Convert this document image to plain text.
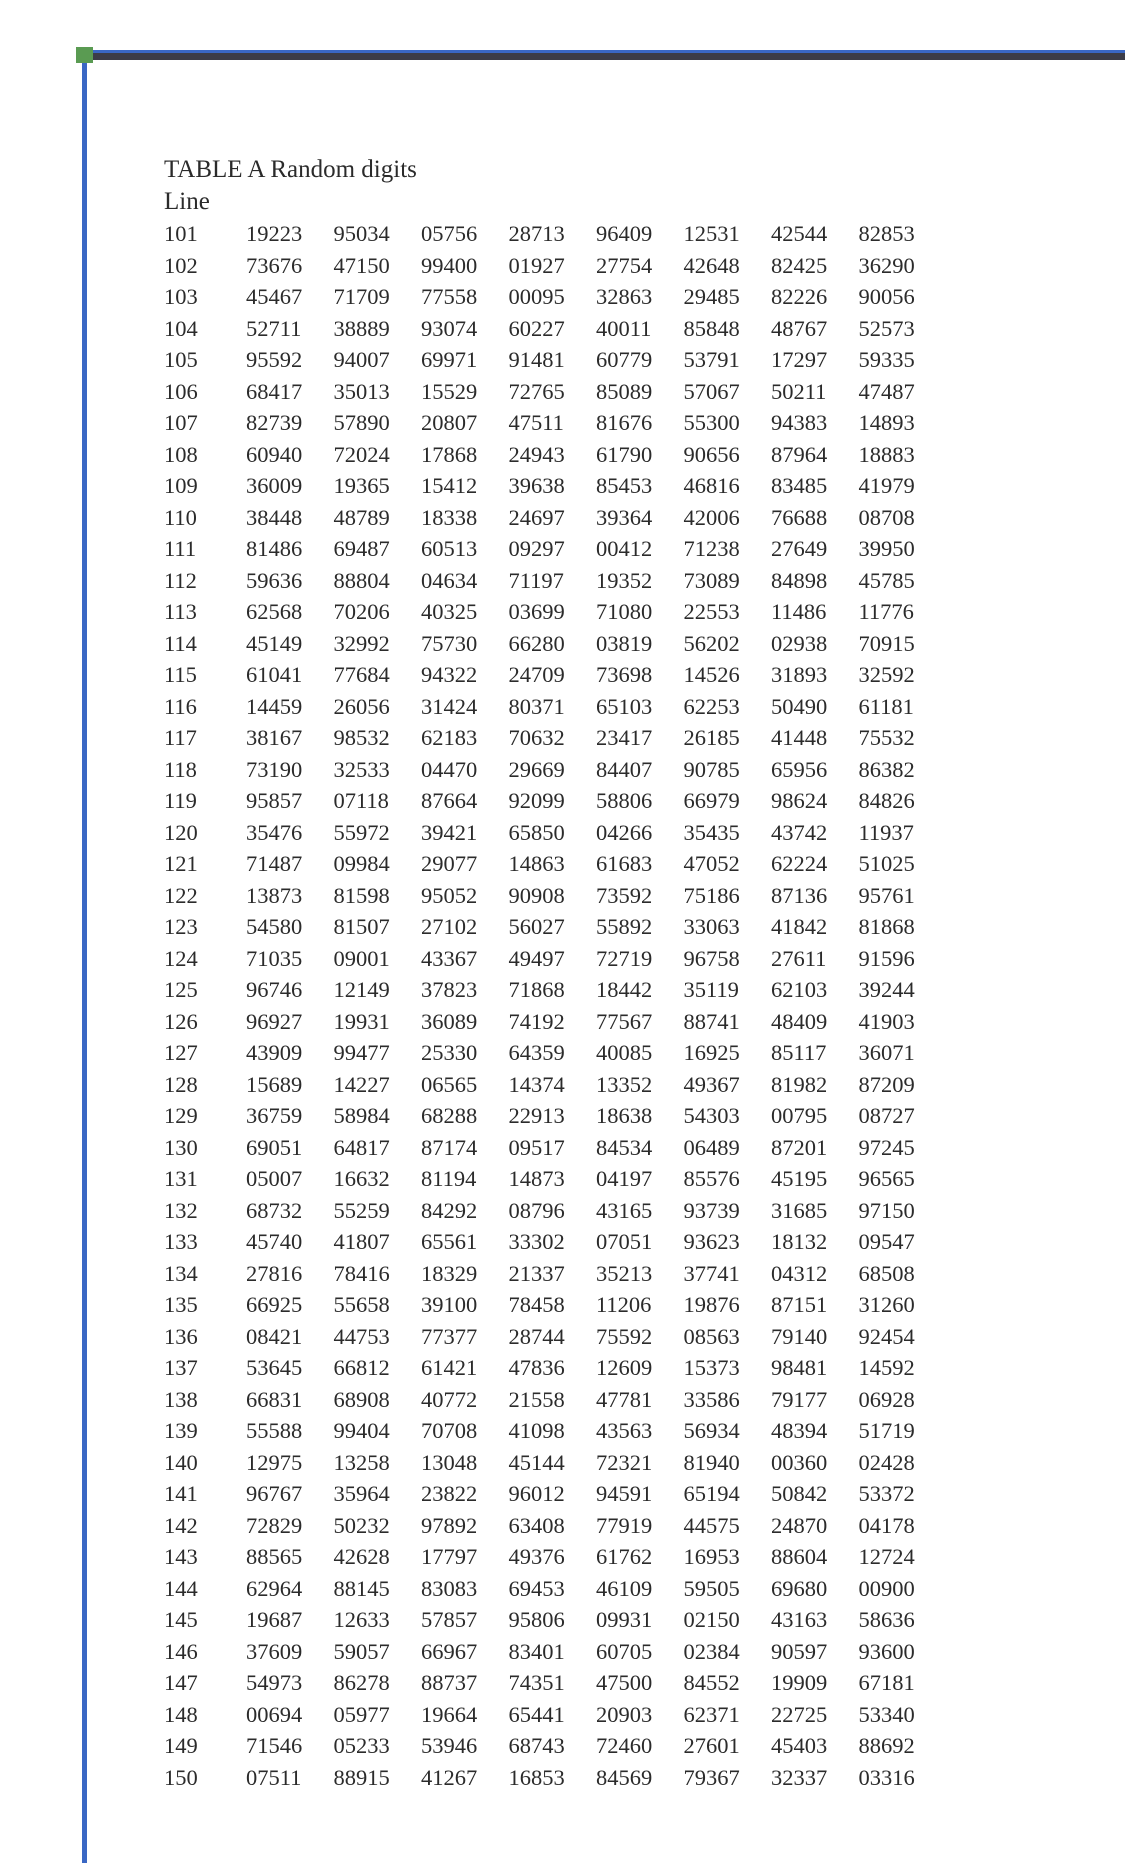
TABLE A Random digits
Line
101	19223	95034	05756	28713	96409	12531	42544	82853
102	73676	47150	99400	01927	27754	42648	82425	36290
103	45467	71709	77558	00095	32863	29485	82226	90056
104	52711	38889	93074	60227	40011	85848	48767	52573
105	95592	94007	69971	91481	60779	53791	17297	59335
106	68417	35013	15529	72765	85089	57067	50211	47487
107	82739	57890	20807	47511	81676	55300	94383	14893
108	60940	72024	17868	24943	61790	90656	87964	18883
109	36009	19365	15412	39638	85453	46816	83485	41979
110	38448	48789	18338	24697	39364	42006	76688	08708
111	81486	69487	60513	09297	00412	71238	27649	39950
112	59636	88804	04634	71197	19352	73089	84898	45785
113	62568	70206	40325	03699	71080	22553	11486	11776
114	45149	32992	75730	66280	03819	56202	02938	70915
115	61041	77684	94322	24709	73698	14526	31893	32592
116	14459	26056	31424	80371	65103	62253	50490	61181
117	38167	98532	62183	70632	23417	26185	41448	75532
118	73190	32533	04470	29669	84407	90785	65956	86382
119	95857	07118	87664	92099	58806	66979	98624	84826
120	35476	55972	39421	65850	04266	35435	43742	11937
121	71487	09984	29077	14863	61683	47052	62224	51025
122	13873	81598	95052	90908	73592	75186	87136	95761
123	54580	81507	27102	56027	55892	33063	41842	81868
124	71035	09001	43367	49497	72719	96758	27611	91596
125	96746	12149	37823	71868	18442	35119	62103	39244
126	96927	19931	36089	74192	77567	88741	48409	41903
127	43909	99477	25330	64359	40085	16925	85117	36071
128	15689	14227	06565	14374	13352	49367	81982	87209
129	36759	58984	68288	22913	18638	54303	00795	08727
130	69051	64817	87174	09517	84534	06489	87201	97245
131	05007	16632	81194	14873	04197	85576	45195	96565
132	68732	55259	84292	08796	43165	93739	31685	97150
133	45740	41807	65561	33302	07051	93623	18132	09547
134	27816	78416	18329	21337	35213	37741	04312	68508
135	66925	55658	39100	78458	11206	19876	87151	31260
136	08421	44753	77377	28744	75592	08563	79140	92454
137	53645	66812	61421	47836	12609	15373	98481	14592
138	66831	68908	40772	21558	47781	33586	79177	06928
139	55588	99404	70708	41098	43563	56934	48394	51719
140	12975	13258	13048	45144	72321	81940	00360	02428
141	96767	35964	23822	96012	94591	65194	50842	53372
142	72829	50232	97892	63408	77919	44575	24870	04178
143	88565	42628	17797	49376	61762	16953	88604	12724
144	62964	88145	83083	69453	46109	59505	69680	00900
145	19687	12633	57857	95806	09931	02150	43163	58636
146	37609	59057	66967	83401	60705	02384	90597	93600
147	54973	86278	88737	74351	47500	84552	19909	67181
148	00694	05977	19664	65441	20903	62371	22725	53340
149	71546	05233	53946	68743	72460	27601	45403	88692
150	07511	88915	41267	16853	84569	79367	32337	03316
